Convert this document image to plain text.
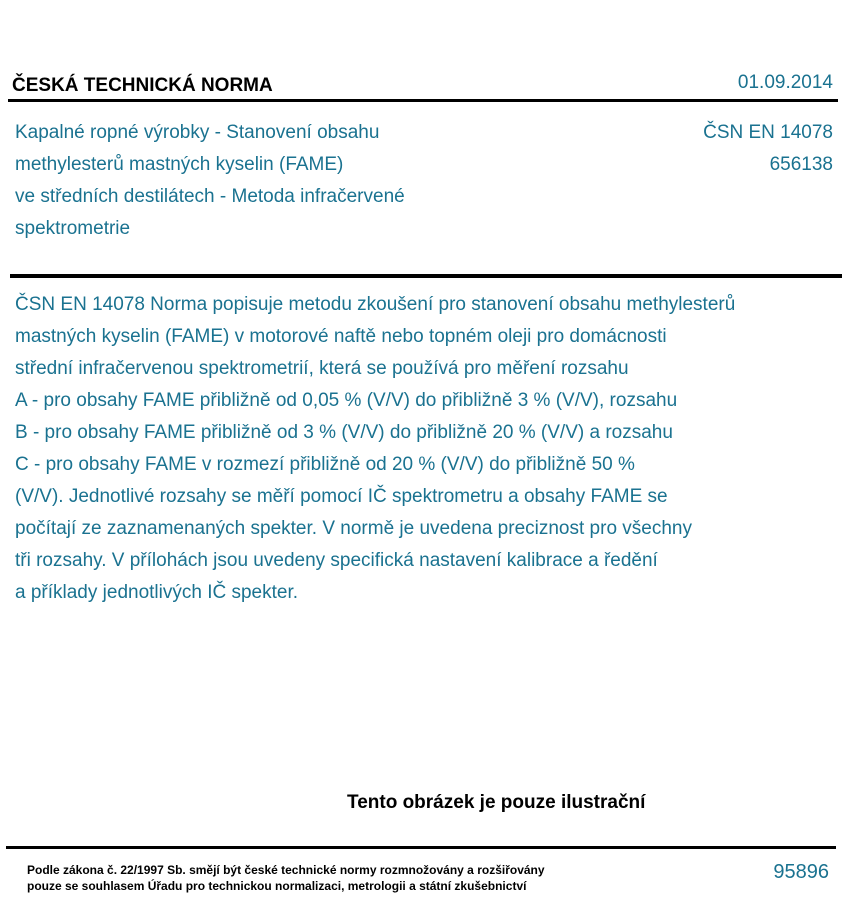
ČESKÁ TECHNICKÁ NORMA	01.09.2014
Kapalné ropné výrobky - Stanovení obsahu
methylesterů mastných kyselin (FAME)
ve středních destilátech - Metoda infračervené
spektrometrie
ČSN EN 14078
656138
ČSN EN 14078 Norma popisuje metodu zkoušení pro stanovení obsahu methylesterů
mastných kyselin (FAME) v motorové naftě nebo topném oleji pro domácnosti
střední infračervenou spektrometrií, která se používá pro měření rozsahu
A - pro obsahy FAME přibližně od 0,05 % (V/V) do přibližně 3 % (V/V), rozsahu
B - pro obsahy FAME přibližně od 3 % (V/V) do přibližně 20 % (V/V) a rozsahu
C - pro obsahy FAME v rozmezí přibližně od 20 % (V/V) do přibližně 50 %
(V/V). Jednotlivé rozsahy se měří pomocí IČ spektrometru a obsahy FAME se
počítají ze zaznamenaných spekter. V normě je uvedena preciznost pro všechny
tři rozsahy. V přílohách jsou uvedeny specifická nastavení kalibrace a ředění
a příklady jednotlivých IČ spekter.
Tento obrázek je pouze ilustrační
Podle zákona č. 22/1997 Sb. smějí být české technické normy rozmnožovány a rozšiřovány
pouze se souhlasem Úřadu pro technickou normalizaci, metrologii a státní zkušebnictví
95896
